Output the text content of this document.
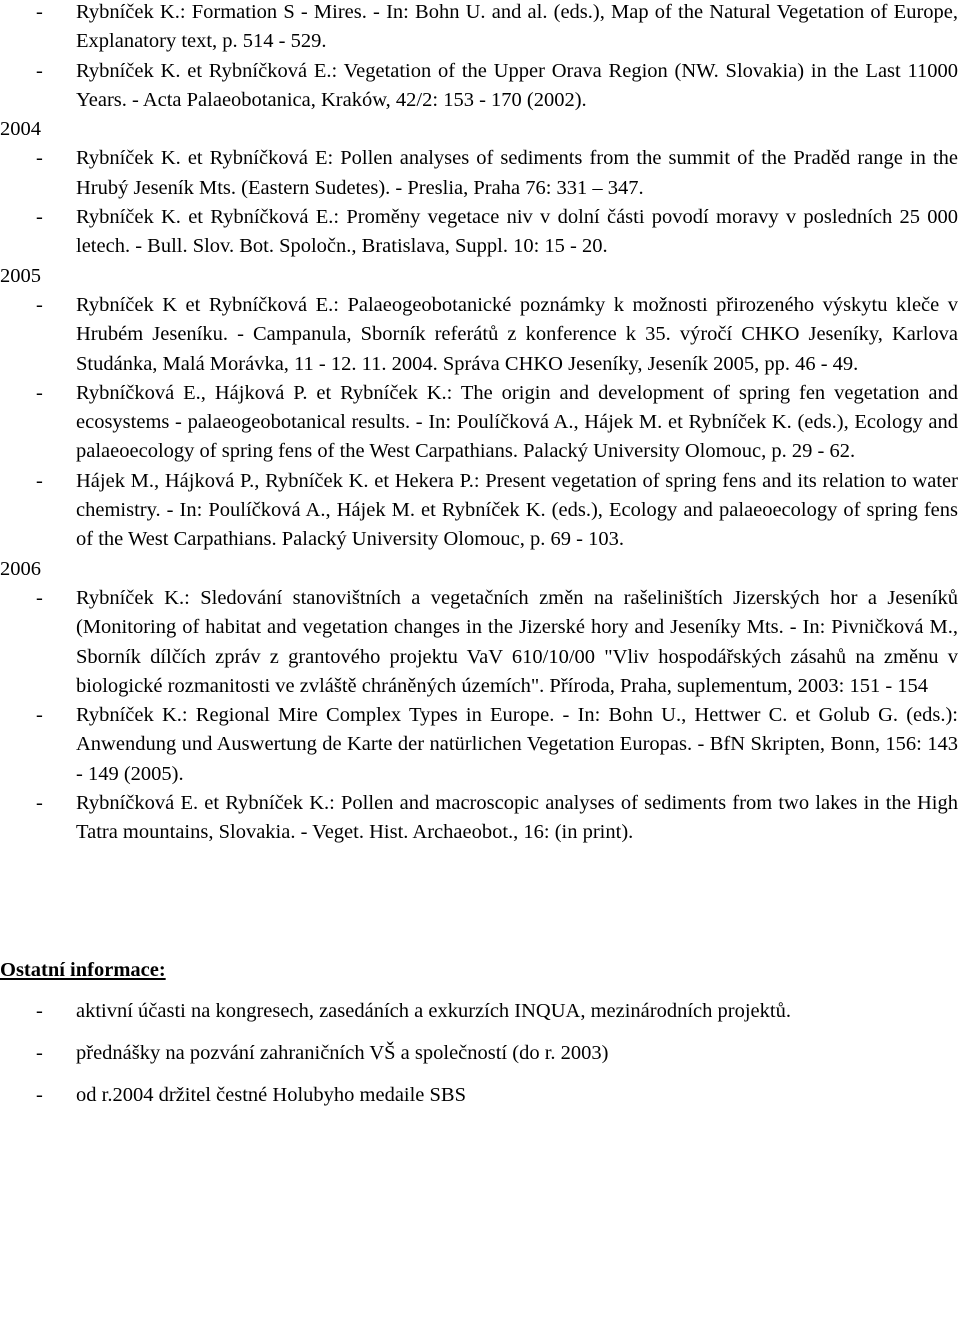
- Rybníček K.: Formation S - Mires. - In: Bohn U. and al. (eds.), Map of the Natural Vegetation of Europe, Explanatory text, p. 514 - 529.
- Rybníček K. et Rybníčková E.: Vegetation of the Upper Orava Region (NW. Slovakia) in the Last 11000 Years. - Acta Palaeobotanica, Kraków, 42/2: 153 - 170 (2002).
2004
- Rybníček K. et Rybníčková E: Pollen analyses of sediments from the summit of the Praděd range in the Hrubý Jeseník Mts. (Eastern Sudetes). - Preslia, Praha 76: 331 – 347.
- Rybníček K. et Rybníčková E.: Proměny vegetace niv v dolní části povodí moravy v posledních 25 000 letech. - Bull. Slov. Bot. Spoločn., Bratislava, Suppl. 10: 15 - 20.
2005
- Rybníček K et Rybníčková E.: Palaeogeobotanické poznámky k možnosti přirozeného výskytu kleče v Hrubém Jeseníku. - Campanula, Sborník referátů z konference k 35. výročí CHKO Jeseníky, Karlova Studánka, Malá Morávka, 11 - 12. 11. 2004. Správa CHKO Jeseníky, Jeseník 2005, pp. 46 - 49.
- Rybníčková E., Hájková P. et Rybníček K.: The origin and development of spring fen vegetation and ecosystems - palaeogeobotanical results. - In: Poulíčková A., Hájek M. et Rybníček K. (eds.), Ecology and palaeoecology of spring fens of the West Carpathians. Palacký University Olomouc, p. 29 - 62.
- Hájek M., Hájková P., Rybníček K. et Hekera P.: Present vegetation of spring fens and its relation to water chemistry. - In: Poulíčková A., Hájek M. et Rybníček K. (eds.), Ecology and palaeoecology of spring fens of the West Carpathians. Palacký University Olomouc, p. 69 - 103.
2006
- Rybníček K.: Sledování stanovištních a vegetačních změn na rašeliništích Jizerských hor a Jeseníků (Monitoring of habitat and vegetation changes in the Jizerské hory and Jeseníky Mts. - In: Pivničková M., Sborník dílčích zpráv z grantového projektu VaV 610/10/00 "Vliv hospodářských zásahů na změnu v biologické rozmanitosti ve zvláště chráněných územích". Příroda, Praha, suplementum, 2003: 151 - 154
- Rybníček K.: Regional Mire Complex Types in Europe. - In: Bohn U., Hettwer C. et Golub G. (eds.): Anwendung und Auswertung de Karte der natürlichen Vegetation Europas. - BfN Skripten, Bonn, 156: 143 - 149 (2005).
- Rybníčková E. et Rybníček K.: Pollen and macroscopic analyses of sediments from two lakes in the High Tatra mountains, Slovakia. - Veget. Hist. Archaeobot., 16: (in print).
Ostatní informace:
- aktivní účasti na kongresech, zasedáních a exkurzích INQUA, mezinárodních projektů.
- přednášky na pozvání zahraničních VŠ a společností (do r. 2003)
- od r.2004 držitel čestné Holubyho medaile SBS
